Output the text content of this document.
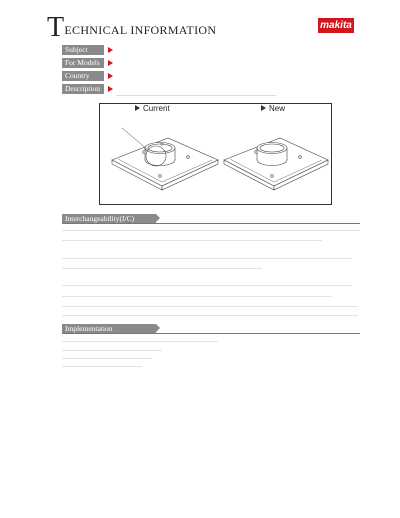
TECHNICAL INFORMATION	makita
Subject
For Models
Country
Description
Current	New
Interchangeability(I/C)
Implementation
